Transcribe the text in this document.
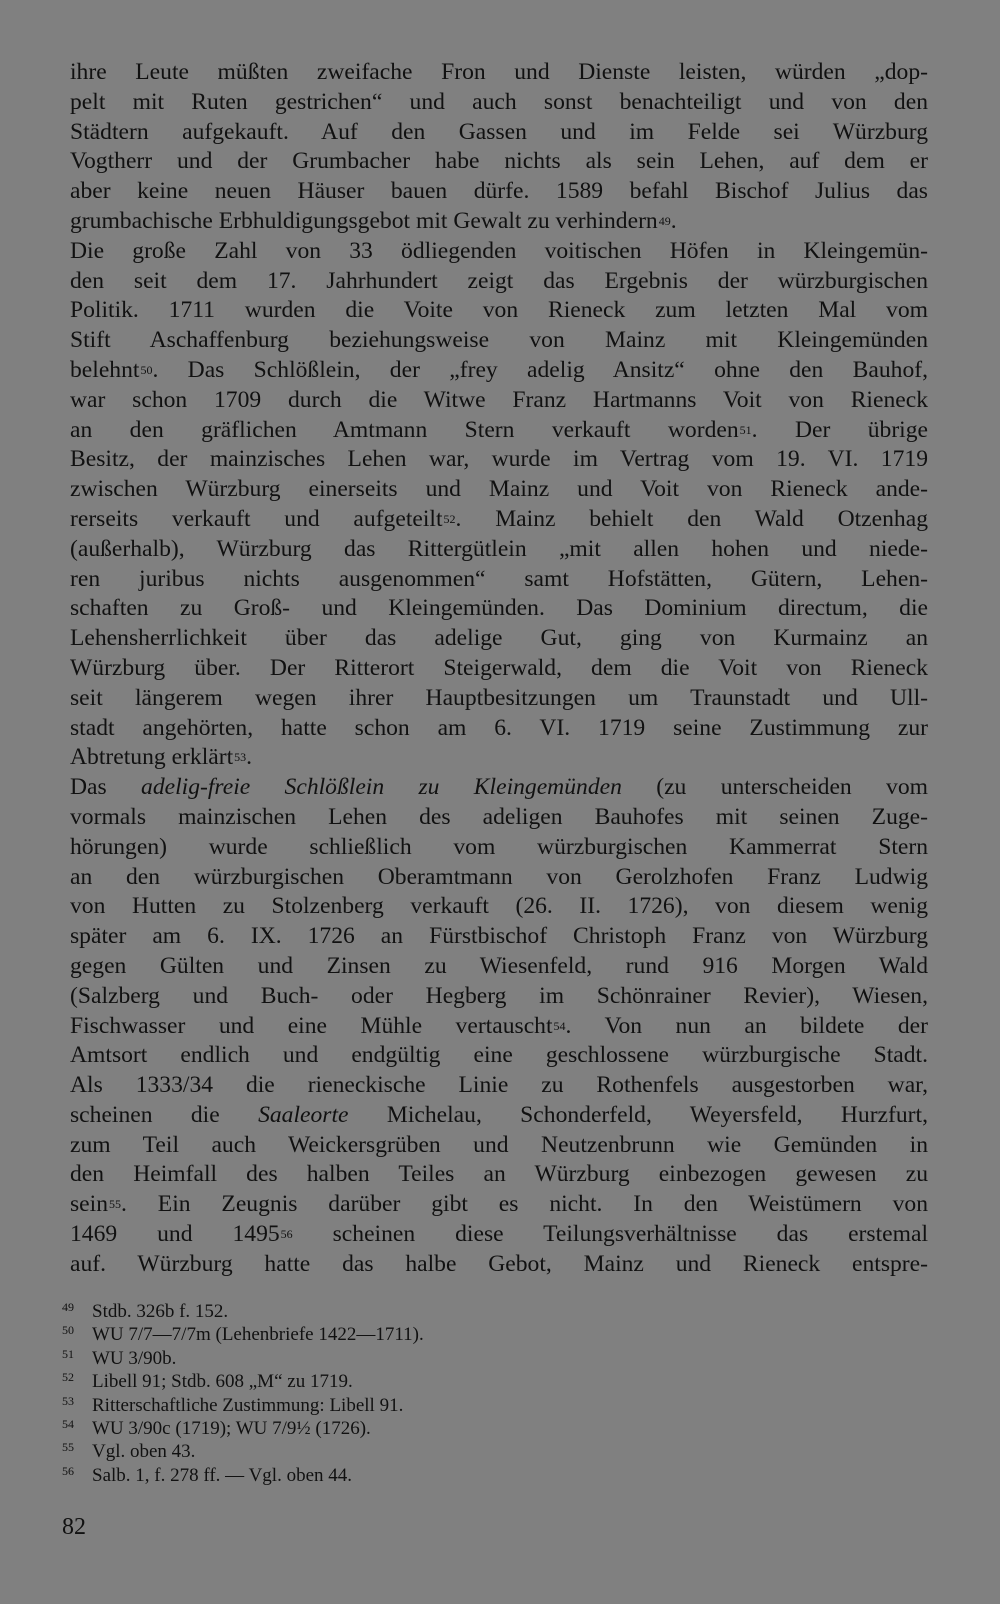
ihre Leute müßten zweifache Fron und Dienste leisten, würden „dop-
pelt mit Ruten gestrichen“ und auch sonst benachteiligt und von den
Städtern aufgekauft. Auf den Gassen und im Felde sei Würzburg
Vogtherr und der Grumbacher habe nichts als sein Lehen, auf dem er
aber keine neuen Häuser bauen dürfe. 1589 befahl Bischof Julius das
grumbachische Erbhuldigungsgebot mit Gewalt zu verhindern$^{49}$.
Die große Zahl von 33 ödliegenden voitischen Höfen in Kleingemün-
den seit dem 17. Jahrhundert zeigt das Ergebnis der würzburgischen
Politik. 1711 wurden die Voite von Rieneck zum letzten Mal vom
Stift Aschaffenburg beziehungsweise von Mainz mit Kleingemünden
belehnt$^{50}$. Das Schlößlein, der „frey adelig Ansitz“ ohne den Bauhof,
war schon 1709 durch die Witwe Franz Hartmanns Voit von Rieneck
an den gräflichen Amtmann Stern verkauft worden$^{51}$. Der übrige
Besitz, der mainzisches Lehen war, wurde im Vertrag vom 19. VI. 1719
zwischen Würzburg einerseits und Mainz und Voit von Rieneck ande-
rerseits verkauft und aufgeteilt$^{52}$. Mainz behielt den Wald Otzenhag
(außerhalb), Würzburg das Rittergütlein „mit allen hohen und niede-
ren juribus nichts ausgenommen“ samt Hofstätten, Gütern, Lehen-
schaften zu Groß- und Kleingemünden. Das Dominium directum, die
Lehensherrlichkeit über das adelige Gut, ging von Kurmainz an
Würzburg über. Der Ritterort Steigerwald, dem die Voit von Rieneck
seit längerem wegen ihrer Hauptbesitzungen um Traunstadt und Ull-
stadt angehörten, hatte schon am 6. VI. 1719 seine Zustimmung zur
Abtretung erklärt$^{53}$.
Das adelig-freie Schlößlein zu Kleingemünden (zu unterscheiden vom
vormals mainzischen Lehen des adeligen Bauhofes mit seinen Zuge-
hörungen) wurde schließlich vom würzburgischen Kammerrat Stern
an den würzburgischen Oberamtmann von Gerolzhofen Franz Ludwig
von Hutten zu Stolzenberg verkauft (26. II. 1726), von diesem wenig
später am 6. IX. 1726 an Fürstbischof Christoph Franz von Würzburg
gegen Gülten und Zinsen zu Wiesenfeld, rund 916 Morgen Wald
(Salzberg und Buch- oder Hegberg im Schönrainer Revier), Wiesen,
Fischwasser und eine Mühle vertauscht$^{54}$. Von nun an bildete der
Amtsort endlich und endgültig eine geschlossene würzburgische Stadt.
Als 1333/34 die rieneckische Linie zu Rothenfels ausgestorben war,
scheinen die Saaleorte Michelau, Schonderfeld, Weyersfeld, Hurzfurt,
zum Teil auch Weickersgrüben und Neutzenbrunn wie Gemünden in
den Heimfall des halben Teiles an Würzburg einbezogen gewesen zu
sein$^{55}$. Ein Zeugnis darüber gibt es nicht. In den Weistümern von
1469 und 1495$^{56}$ scheinen diese Teilungsverhältnisse das erstemal
auf. Würzburg hatte das halbe Gebot, Mainz und Rieneck entspre-
49 Stdb. 326b f. 152.
50 WU 7/7—7/7m (Lehenbriefe 1422—1711).
51 WU 3/90b.
52 Libell 91; Stdb. 608 „M“ zu 1719.
53 Ritterschaftliche Zustimmung: Libell 91.
54 WU 3/90c (1719); WU 7/9½ (1726).
55 Vgl. oben 43.
56 Salb. 1, f. 278 ff. — Vgl. oben 44.
82
